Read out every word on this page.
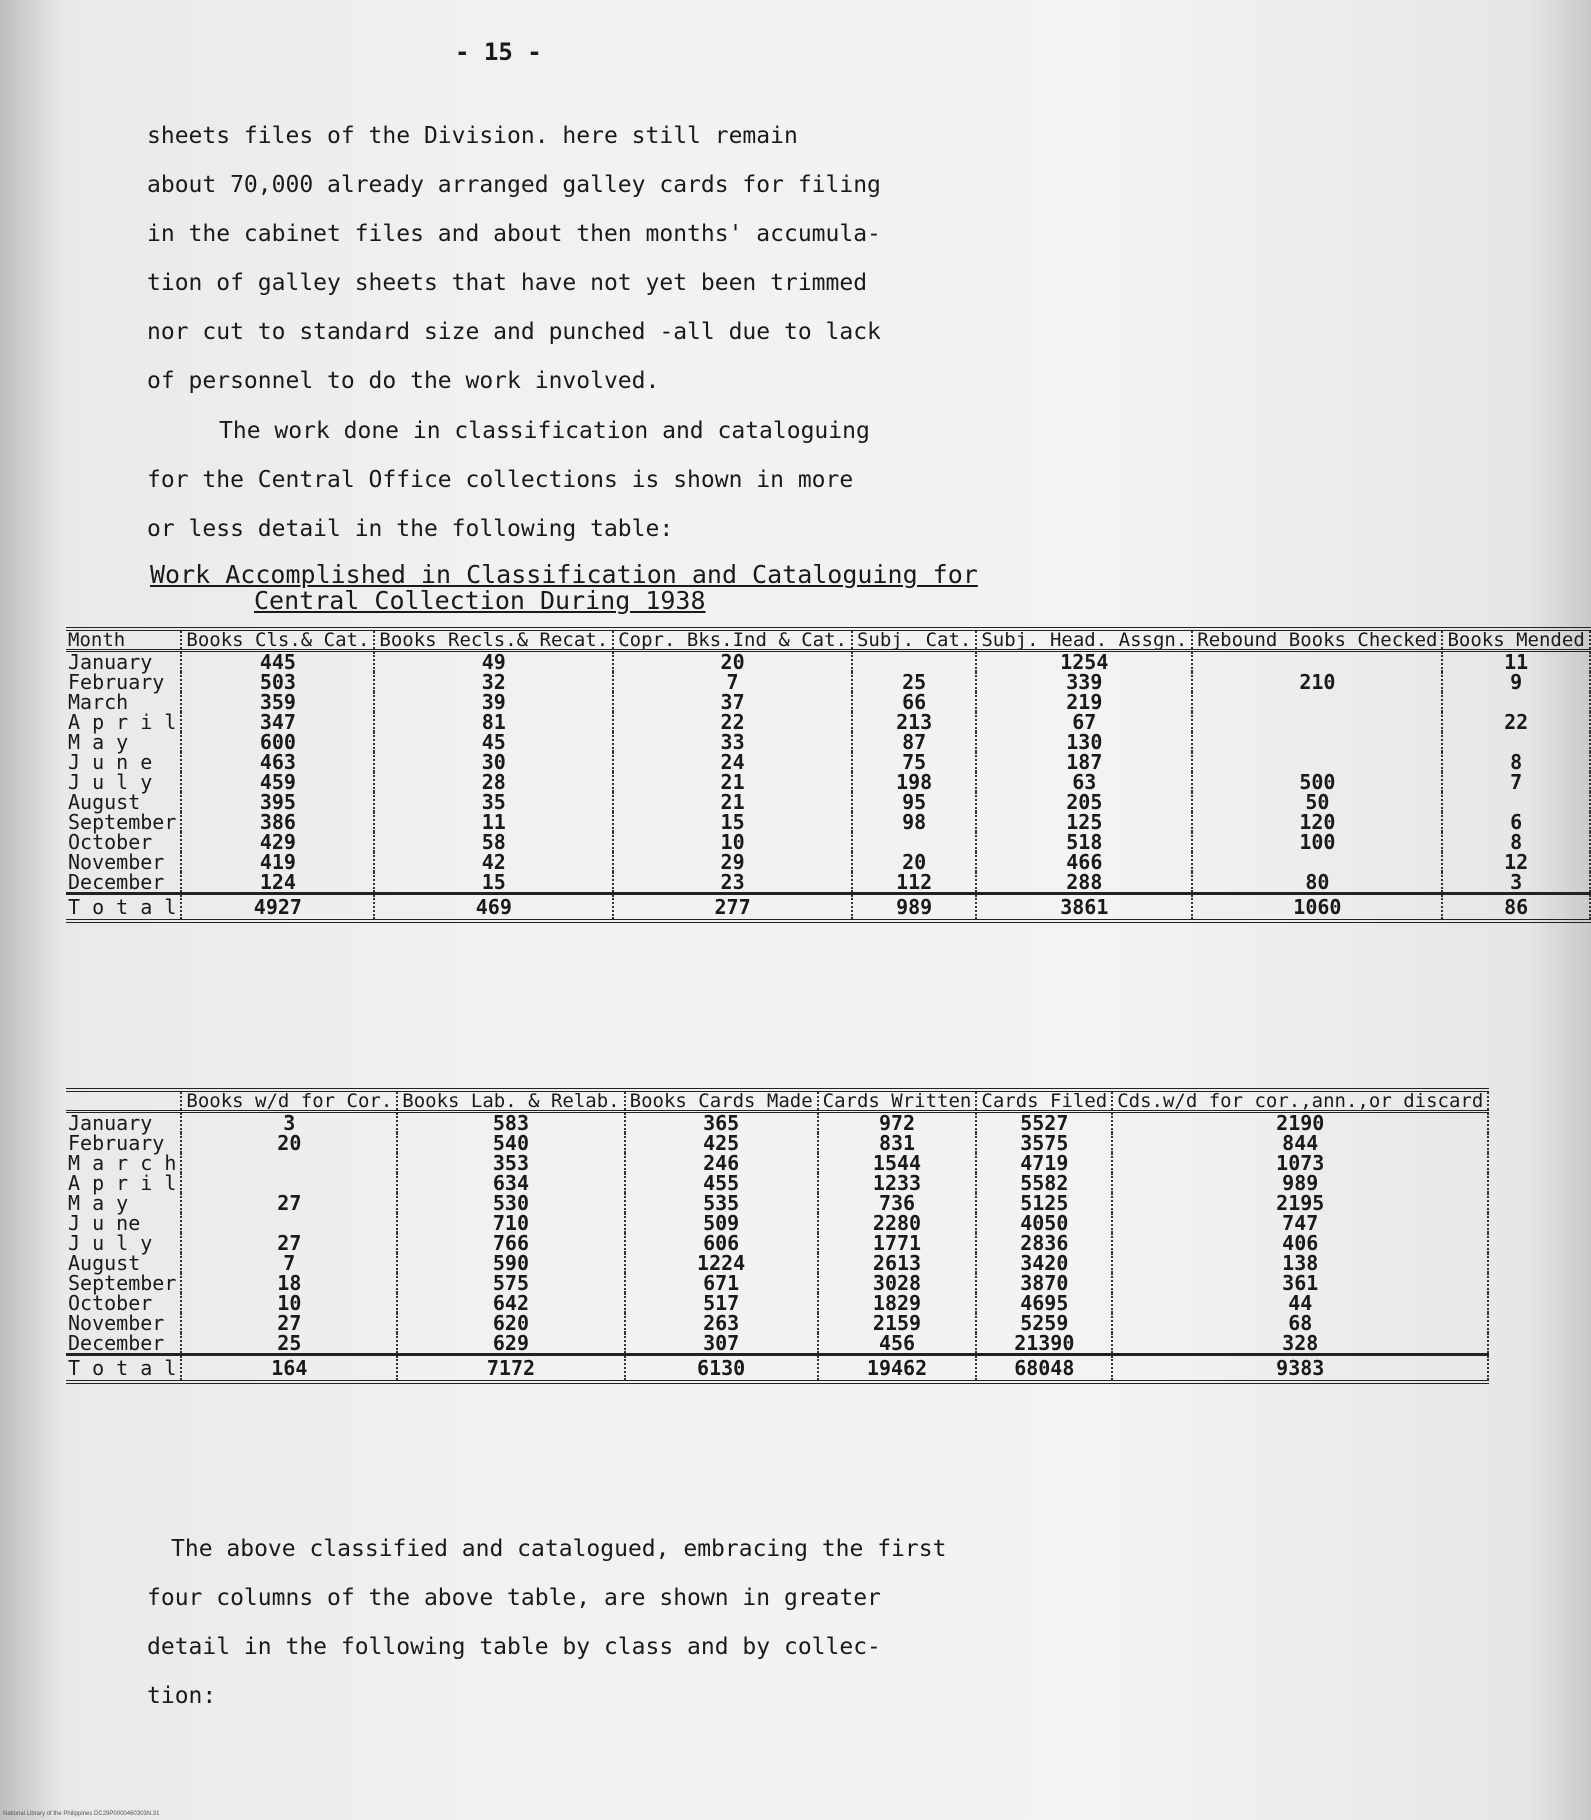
- 15 -

sheets files of the Division. here still remain
about 70,000 already arranged galley cards for filing
in the cabinet files and about then months' accumula-
tion of galley sheets that have not yet been trimmed
nor cut to standard size and punched -all due to lack
of personnel to do the work involved.

The work done in classification and cataloguing
for the Central Office collections is shown in more
or less detail in the following table:

Work Accomplished in Classification and Cataloguing for
Central Collection During 1938
Month	Books Cls.& Cat.	Books Recls.& Recat.	Copr. Bks.Ind & Cat.	Subj. Cat.	Subj. Head. Assgn.	Rebound Books Checked	Books Mended
January	445	49	20		1254		11
February	503	32	7	25	339	210	9
March	359	39	37	66	219		
A p r i l	347	81	22	213	67		22
M a y	600	45	33	87	130		
J u n e	463	30	24	75	187		8
J u l y	459	28	21	198	63	500	7
August	395	35	21	95	205	50	
September	386	11	15	98	125	120	6
October	429	58	10		518	100	8
November	419	42	29	20	466		12
December	124	15	23	112	288	80	3
T o t a l	4927	469	277	989	3861	1060	86
	Books w/d for Cor.	Books Lab. & Relab.	Books Cards Made	Cards Written	Cards Filed	Cds.w/d for cor.,ann.,or discard
January	3	583	365	972	5527	2190
February	20	540	425	831	3575	844
M a r c h		353	246	1544	4719	1073
A p r i l		634	455	1233	5582	989
M a y	27	530	535	736	5125	2195
J u ne		710	509	2280	4050	747
J u l y	27	766	606	1771	2836	406
August	7	590	1224	2613	3420	138
September	18	575	671	3028	3870	361
October	10	642	517	1829	4695	44
November	27	620	263	2159	5259	68
December	25	629	307	456	21390	328
T o t a l	164	7172	6130	19462	68048	9383

The above classified and catalogued, embracing the first
four columns of the above table, are shown in greater
detail in the following table by class and by collec-
tion:

National Library of the Philippines DC29P0000460303N.31
